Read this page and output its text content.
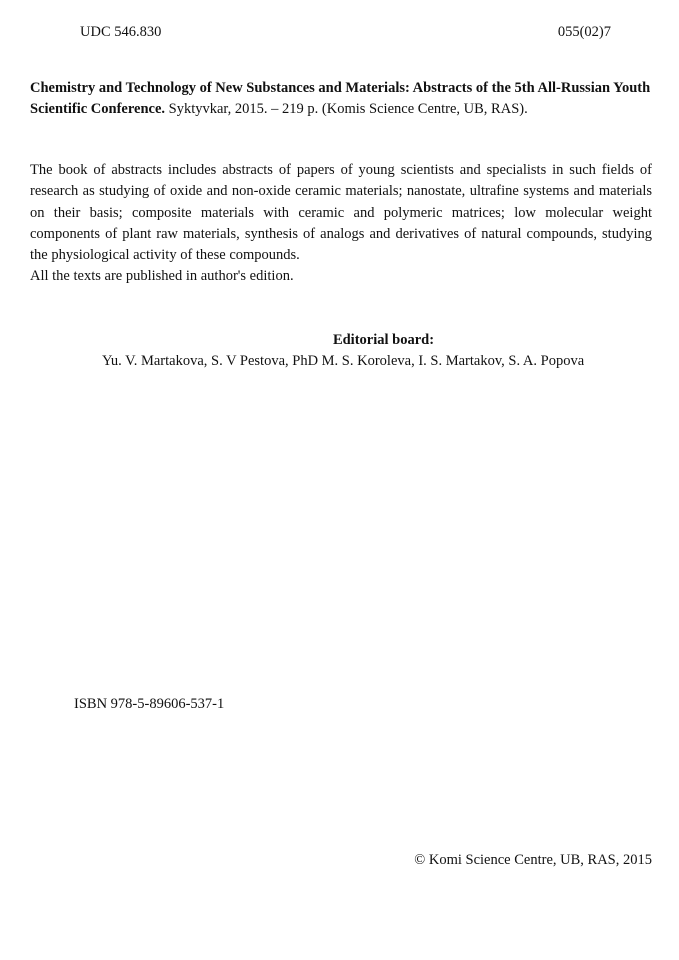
UDC 546.830	055(02)7
Chemistry and Technology of New Substances and Materials: Abstracts of the 5th All-Russian Youth Scientific Conference. Syktyvkar, 2015. – 219 p. (Komis Science Centre, UB, RAS).

The book of abstracts includes abstracts of papers of young scientists and specialists in such fields of research as studying of oxide and non-oxide ceramic materials; nanostate, ultrafine systems and materials on their basis; composite materials with ceramic and polymeric matrices; low molecular weight components of plant raw materials, synthesis of analogs and derivatives of natural compounds, studying the physiological activity of these compounds.

All the texts are published in author's edition.

Editorial board:
Yu. V. Martakova, S. V Pestova, PhD M. S. Koroleva, I. S. Martakov, S. A. Popova
ISBN 978-5-89606-537-1
© Komi Science Centre, UB, RAS, 2015
